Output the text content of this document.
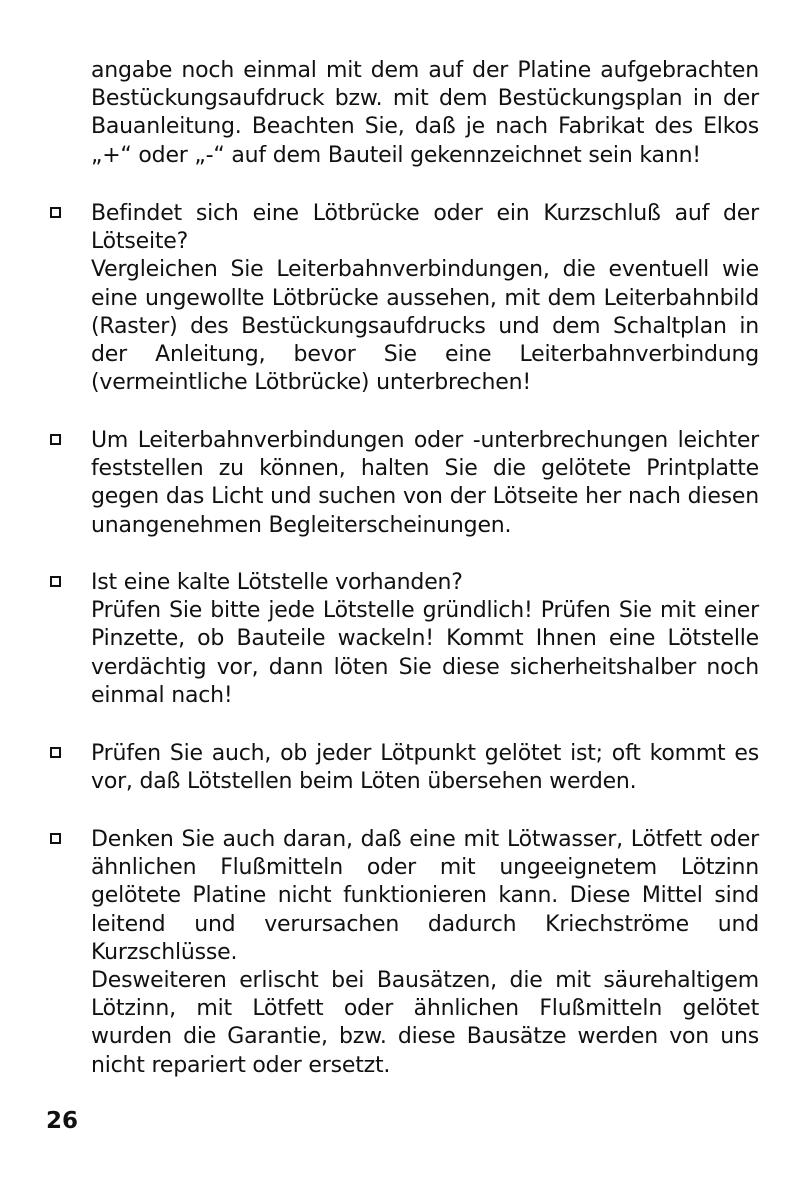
angabe noch einmal mit dem auf der Platine aufgebrachten Bestückungsaufdruck bzw. mit dem Bestückungsplan in der Bauanleitung. Beachten Sie, daß je nach Fabrikat des Elkos „+“ oder „-“ auf dem Bauteil gekennzeichnet sein kann!

Befindet sich eine Lötbrücke oder ein Kurzschluß auf der Lötseite?

Vergleichen Sie Leiterbahnverbindungen, die eventuell wie eine ungewollte Lötbrücke aussehen, mit dem Leiterbahnbild (Raster) des Bestückungsaufdrucks und dem Schaltplan in der Anleitung, bevor Sie eine Leiterbahnverbindung (vermeintliche Lötbrücke) unterbrechen!

Um Leiterbahnverbindungen oder -unterbrechungen leichter feststellen zu können, halten Sie die gelötete Printplatte gegen das Licht und suchen von der Lötseite her nach diesen unangenehmen Begleiterscheinungen.

Ist eine kalte Lötstelle vorhanden?

Prüfen Sie bitte jede Lötstelle gründlich! Prüfen Sie mit einer Pinzette, ob Bauteile wackeln! Kommt Ihnen eine Lötstelle verdächtig vor, dann löten Sie diese sicherheitshalber noch einmal nach!

Prüfen Sie auch, ob jeder Lötpunkt gelötet ist; oft kommt es vor, daß Lötstellen beim Löten übersehen werden.

Denken Sie auch daran, daß eine mit Lötwasser, Lötfett oder ähnlichen Flußmitteln oder mit ungeeignetem Lötzinn gelötete Platine nicht funktionieren kann. Diese Mittel sind leitend und verursachen dadurch Kriechströme und Kurzschlüsse.

Desweiteren erlischt bei Bausätzen, die mit säurehaltigem Lötzinn, mit Lötfett oder ähnlichen Flußmitteln gelötet wurden die Garantie, bzw. diese Bausätze werden von uns nicht repariert oder ersetzt.

26
